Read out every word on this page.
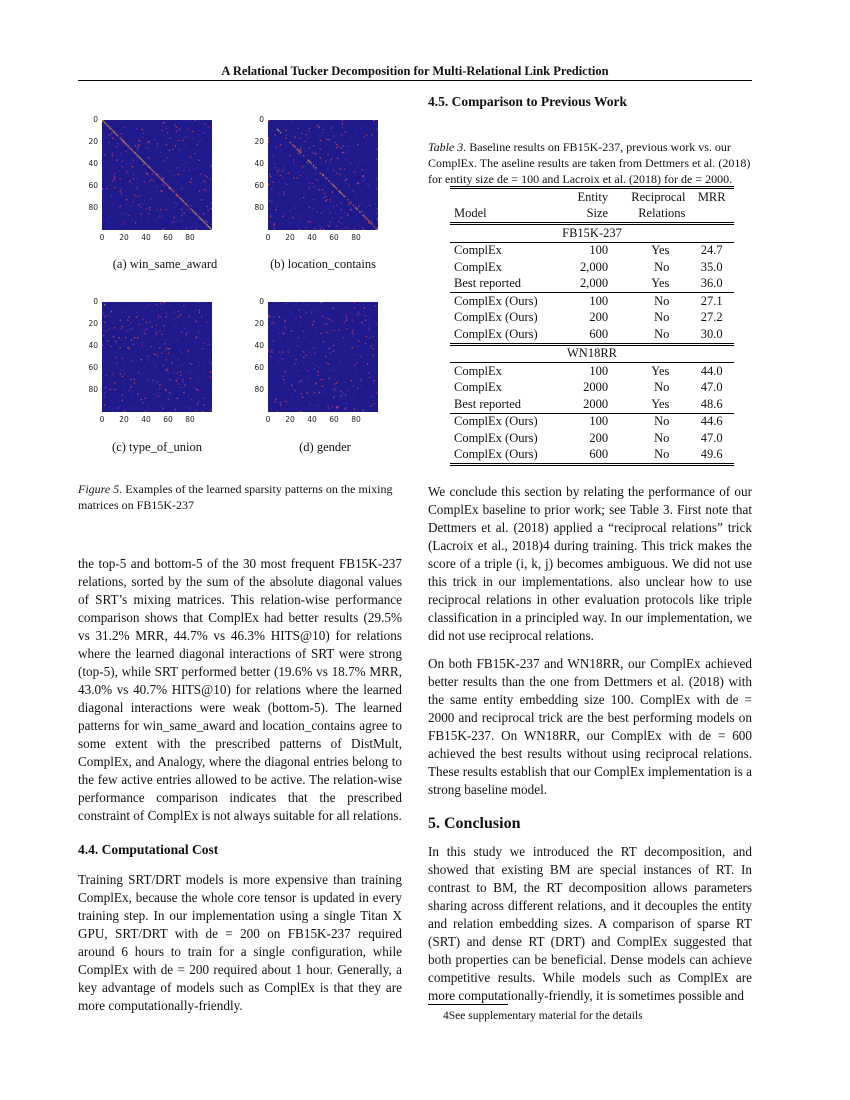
A Relational Tucker Decomposition for Multi-Relational Link Prediction
0
20
40
60
80
0	20	40	60	80
0
20
40
60
80
0	20	40	60	80
0
20
40
60
80
0	20	40	60	80
0
20
40
60
80
0	20	40	60	80
(a) win_same_award	(b) location_contains
(c) type_of_union	(d) gender
Figure 5. Examples of the learned sparsity patterns on the mixing matrices on FB15K-237

the top-5 and bottom-5 of the 30 most frequent FB15K-237 relations, sorted by the sum of the absolute diagonal values of SRT’s mixing matrices. This relation-wise performance comparison shows that ComplEx had better results (29.5% vs 31.2% MRR, 44.7% vs 46.3% HITS@10) for relations where the learned diagonal interactions of SRT were strong (top-5), while SRT performed better (19.6% vs 18.7% MRR, 43.0% vs 40.7% HITS@10) for relations where the learned diagonal interactions were weak (bottom-5). The learned patterns for win_same_award and location_contains agree to some extent with the prescribed patterns of DistMult, ComplEx, and Analogy, where the diagonal entries belong to the few active entries allowed to be active. The relation-wise performance comparison indicates that the prescribed constraint of ComplEx is not always suitable for all relations.

4.4. Computational Cost

Training SRT/DRT models is more expensive than training ComplEx, because the whole core tensor is updated in every training step. In our implementation using a single Titan X GPU, SRT/DRT with de = 200 on FB15K-237 required around 6 hours to train for a single configuration, while ComplEx with de = 200 required about 1 hour. Generally, a key advantage of models such as ComplEx is that they are more computationally-friendly.

4.5. Comparison to Previous Work
Table 3. Baseline results on FB15K-237, previous work vs. our ComplEx. The aseline results are taken from Dettmers et al. (2018) for entity size de = 100 and Lacroix et al. (2018) for de = 2000.
	Entity	Reciprocal	MRR
Model	Size	Relations	
FB15K-237			
ComplEx	100	Yes	24.7
ComplEx	2,000	No	35.0
Best reported	2,000	Yes	36.0
ComplEx (Ours)	100	No	27.1
ComplEx (Ours)	200	No	27.2
ComplEx (Ours)	600	No	30.0
WN18RR			
ComplEx	100	Yes	44.0
ComplEx	2000	No	47.0
Best reported	2000	Yes	48.6
ComplEx (Ours)	100	No	44.6
ComplEx (Ours)	200	No	47.0
ComplEx (Ours)	600	No	49.6

We conclude this section by relating the performance of our ComplEx baseline to prior work; see Table 3. First note that Dettmers et al. (2018) applied a “reciprocal relations” trick (Lacroix et al., 2018)4 during training. This trick makes the score of a triple (i, k, j) becomes ambiguous. We did not use this trick in our implementations. also unclear how to use reciprocal relations in other evaluation protocols like triple classification in a principled way. In our implementation, we did not use reciprocal relations.

On both FB15K-237 and WN18RR, our ComplEx achieved better results than the one from Dettmers et al. (2018) with the same entity embedding size 100. ComplEx with de = 2000 and reciprocal trick are the best performing models on FB15K-237. On WN18RR, our ComplEx with de = 600 achieved the best results without using reciprocal relations. These results establish that our ComplEx implementation is a strong baseline model.

5. Conclusion

In this study we introduced the RT decomposition, and showed that existing BM are special instances of RT. In contrast to BM, the RT decomposition allows parameters sharing across different relations, and it decouples the entity and relation embedding sizes. A comparison of sparse RT (SRT) and dense RT (DRT) and ComplEx suggested that both properties can be beneficial. Dense models can achieve competitive results. While models such as ComplEx are more computationally-friendly, it is sometimes possible and

4See supplementary material for the details
